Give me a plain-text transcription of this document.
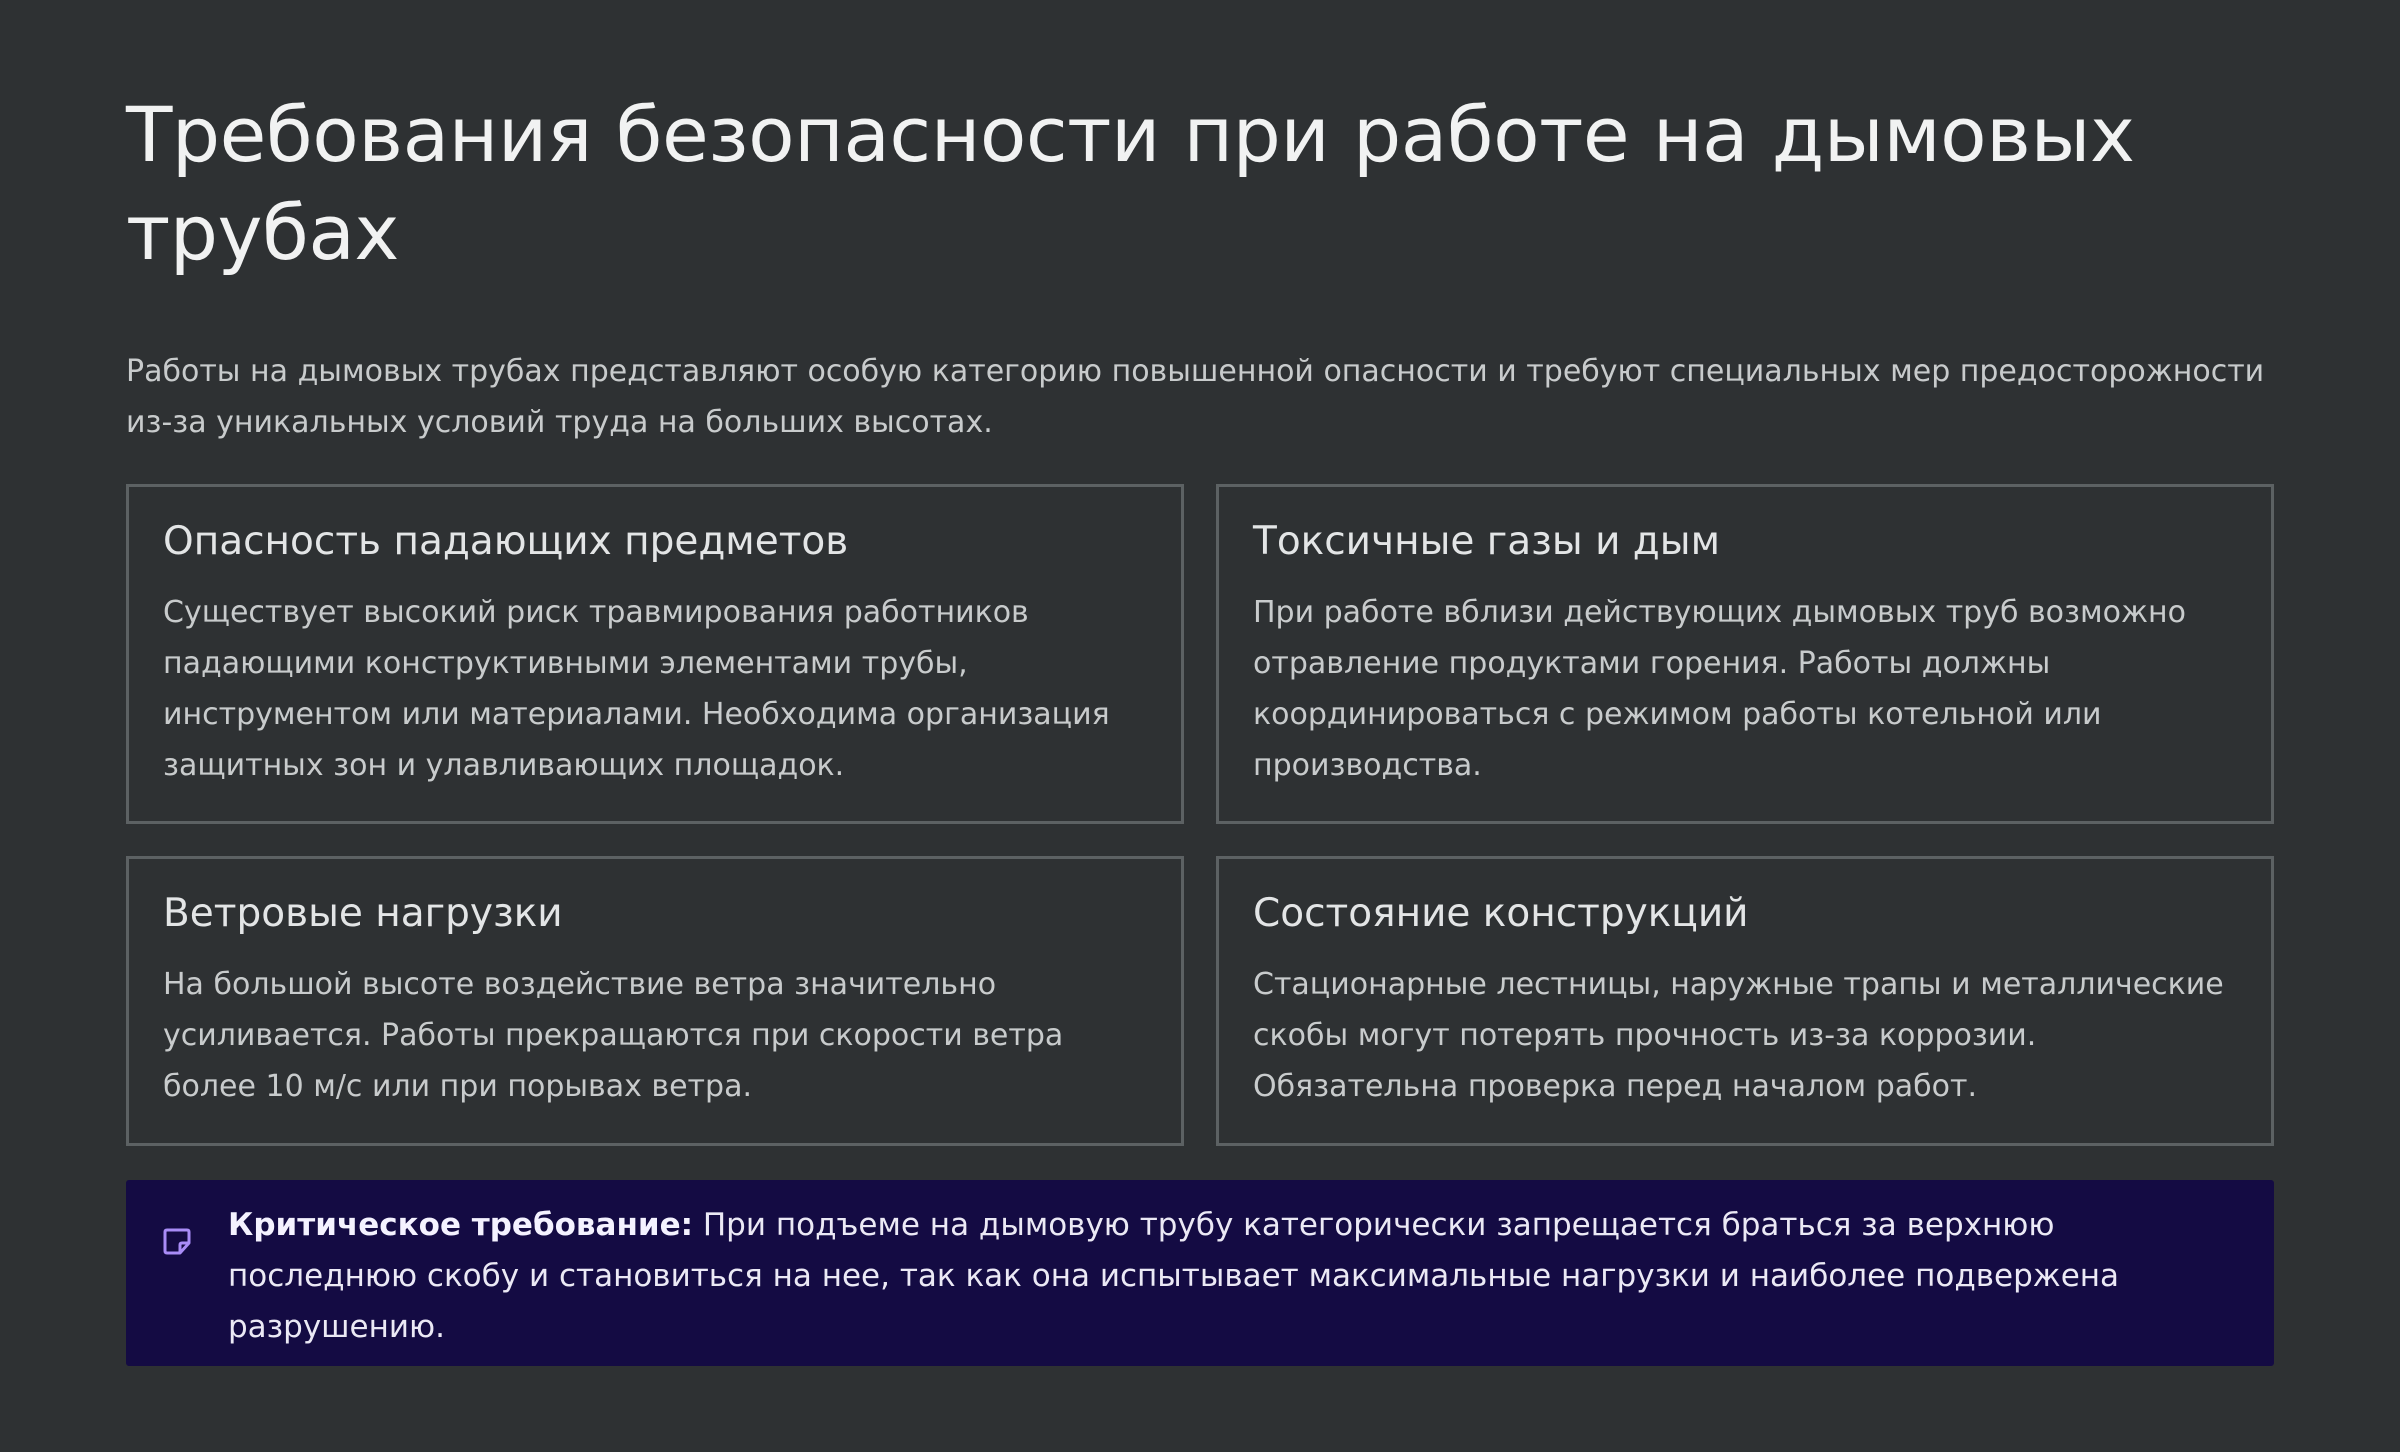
Требования безопасности при работе на дымовых трубах

Работы на дымовых трубах представляют особую категорию повышенной опасности и требуют специальных мер предосторожности из-за уникальных условий труда на больших высотах.

Опасность падающих предметов

Существует высокий риск травмирования работников падающими конструктивными элементами трубы, инструментом или материалами. Необходима организация защитных зон и улавливающих площадок.

Токсичные газы и дым

При работе вблизи действующих дымовых труб возможно отравление продуктами горения. Работы должны координироваться с режимом работы котельной или производства.

Ветровые нагрузки

На большой высоте воздействие ветра значительно усиливается. Работы прекращаются при скорости ветра более 10 м/с или при порывах ветра.

Состояние конструкций

Стационарные лестницы, наружные трапы и металлические скобы могут потерять прочность из-за коррозии. Обязательна проверка перед началом работ.

Критическое требование: При подъеме на дымовую трубу категорически запрещается браться за верхнюю последнюю скобу и становиться на нее, так как она испытывает максимальные нагрузки и наиболее подвержена разрушению.
